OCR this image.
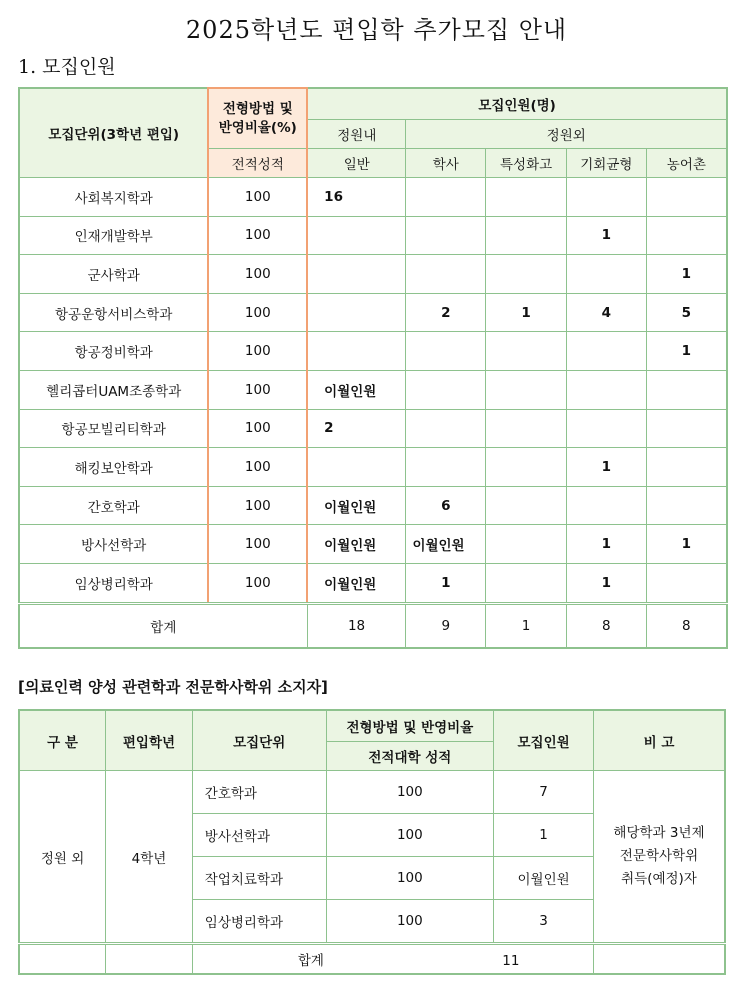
2025학년도 편입학 추가모집 안내
1. 모집인원
모집단위(3학년 편입)	전형방법 및 반영비율(%)	모집인원(명)				
		정원내	정원외			
	전적성적	일반	학사	특성화고	기회균형	농어촌
사회복지학과	100	16				
인재개발학부	100				1	
군사학과	100					1
항공운항서비스학과	100		2	1	4	5
항공정비학과	100					1
헬리콥터UAM조종학과	100	이월인원				
항공모빌리티학과	100	2				
해킹보안학과	100				1	
간호학과	100	이월인원	6			
방사선학과	100	이월인원	이월인원		1	1
임상병리학과	100	이월인원	1		1	
합계		18	9	1	8	8
[의료인력 양성 관련학과 전문학사학위 소지자]
구 분	편입학년	모집단위	전형방법 및 반영비율	모집인원	비 고
			전적대학 성적		
정원 외	4학년	간호학과	100	7	해당학과 3년제
전문학사학위
취득(예정)자

		방사선학과	100	1	
		작업치료학과	100	이월인원	
		임상병리학과	100	3	
		합계 11			
